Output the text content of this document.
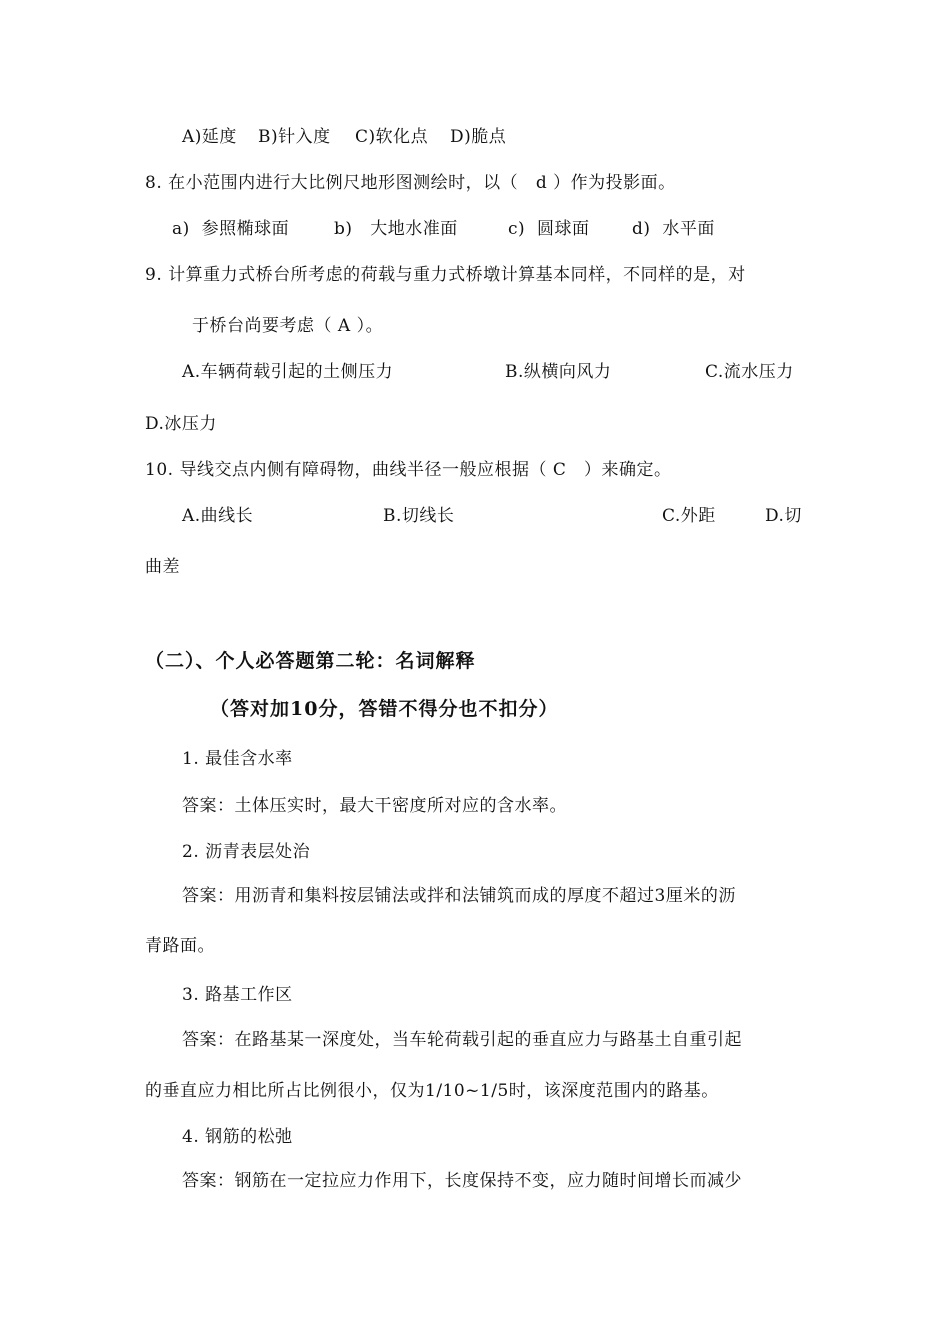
A)延度 B)针入度 C)软化点 D)脆点
8. 在小范围内进行大比例尺地形图测绘时，以（   d ）作为投影面。
a)  参照椭球面	b)   大地水准面	c)  圆球面	d)  水平面
9. 计算重力式桥台所考虑的荷载与重力式桥墩计算基本同样，不同样的是，对
于桥台尚要考虑（ A ）。
A.车辆荷载引起的土侧压力	B.纵横向风力	C.流水压力
D.冰压力
10. 导线交点内侧有障碍物，曲线半径一般应根据（ C   ）来确定。
A.曲线长	B.切线长	C.外距	D.切
曲差
（二）、个人必答题第二轮：名词解释
（答对加10分，答错不得分也不扣分）
1. 最佳含水率
答案：土体压实时，最大干密度所对应的含水率。
2. 沥青表层处治
答案：用沥青和集料按层铺法或拌和法铺筑而成的厚度不超过3厘米的沥
青路面。
3. 路基工作区
答案：在路基某一深度处，当车轮荷载引起的垂直应力与路基土自重引起
的垂直应力相比所占比例很小，仅为1/10~1/5时，该深度范围内的路基。
4. 钢筋的松弛
答案：钢筋在一定拉应力作用下，长度保持不变，应力随时间增长而减少
